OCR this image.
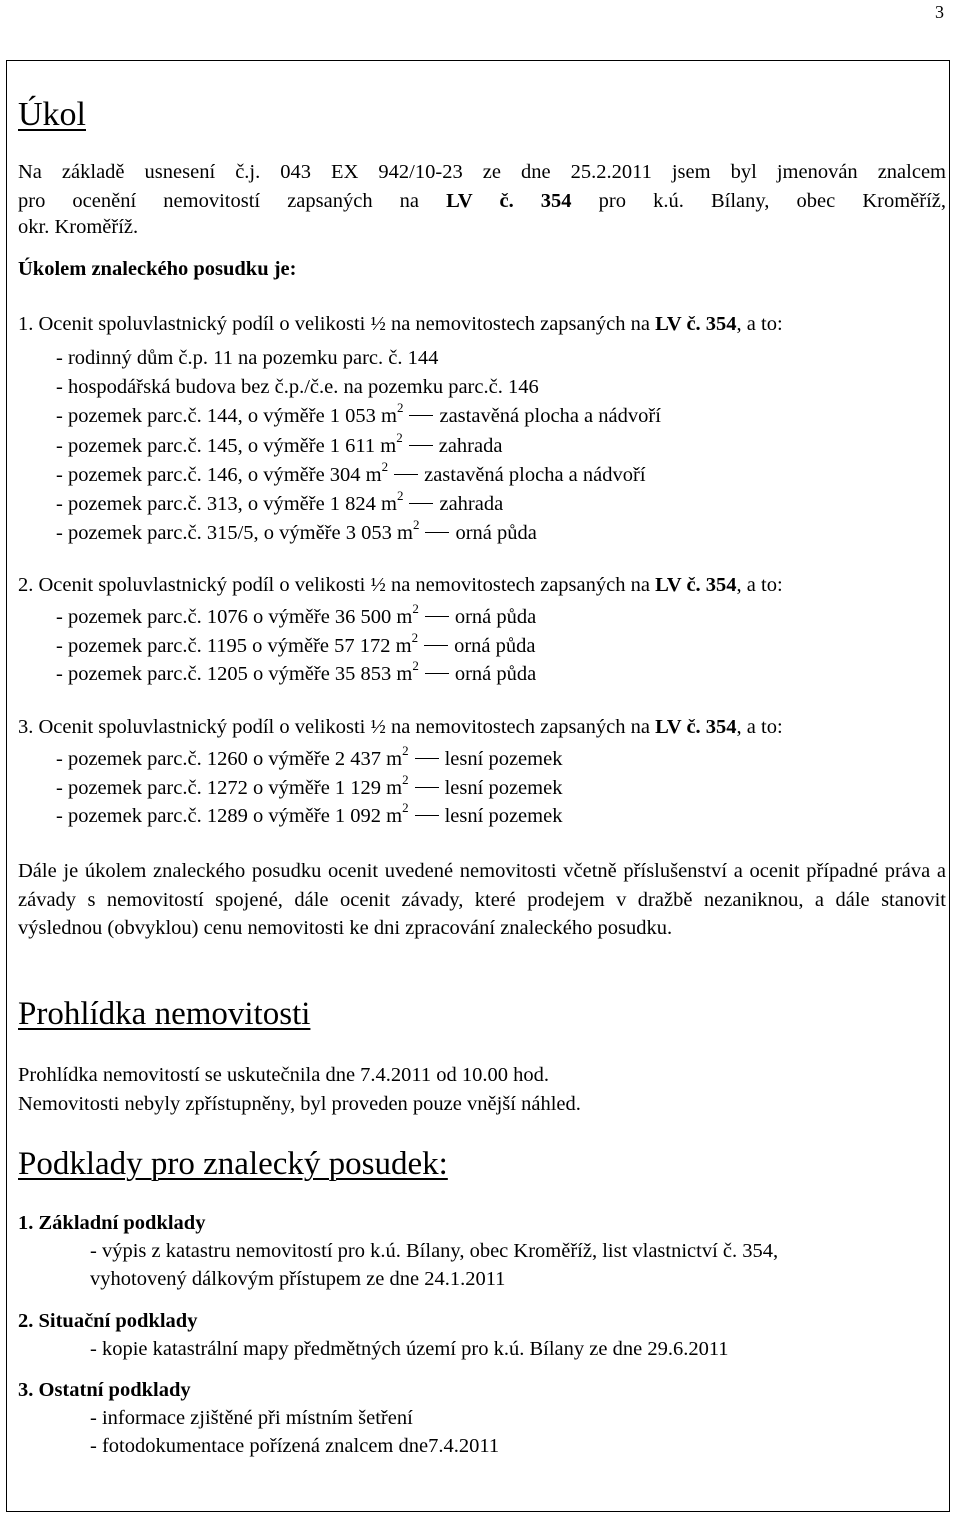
3
Úkol
Na základě usnesení č.j. 043 EX 942/10-23 ze dne 25.2.2011 jsem byl jmenován znalcem
pro ocenění nemovitostí zapsaných na LV č. 354 pro k.ú. Bílany, obec Kroměříž,
okr. Kroměříž.
Úkolem znaleckého posudku je:
1. Ocenit spoluvlastnický podíl o velikosti ½ na nemovitostech zapsaných na LV č. 354, a to:
- rodinný dům č.p. 11 na pozemku parc. č. 144
- hospodářská budova bez č.p./č.e. na pozemku parc.č. 146
- pozemek parc.č. 144, o výměře 1 053 $m^2$ zastavěná plocha a nádvoří
- pozemek parc.č. 145, o výměře 1 611 $m^2$ zahrada
- pozemek parc.č. 146, o výměře 304 $m^2$ zastavěná plocha a nádvoří
- pozemek parc.č. 313, o výměře 1 824 $m^2$ zahrada
- pozemek parc.č. 315/5, o výměře 3 053 $m^2$ orná půda
2. Ocenit spoluvlastnický podíl o velikosti ½ na nemovitostech zapsaných na LV č. 354, a to:
- pozemek parc.č. 1076 o výměře 36 500 $m^2$ orná půda
- pozemek parc.č. 1195 o výměře 57 172 $m^2$ orná půda
- pozemek parc.č. 1205 o výměře 35 853 $m^2$ orná půda
3. Ocenit spoluvlastnický podíl o velikosti ½ na nemovitostech zapsaných na LV č. 354, a to:
- pozemek parc.č. 1260 o výměře 2 437 $m^2$ lesní pozemek
- pozemek parc.č. 1272 o výměře 1 129 $m^2$ lesní pozemek
- pozemek parc.č. 1289 o výměře 1 092 $m^2$ lesní pozemek
Dále je úkolem znaleckého posudku ocenit uvedené nemovitosti včetně příslušenství a ocenit případné práva a závady s nemovitostí spojené, dále ocenit závady, které prodejem v dražbě nezaniknou, a dále stanovit výslednou (obvyklou) cenu nemovitosti ke dni zpracování znaleckého posudku.
Prohlídka nemovitosti
Prohlídka nemovitostí se uskutečnila dne 7.4.2011 od 10.00 hod.
Nemovitosti nebyly zpřístupněny, byl proveden pouze vnější náhled.
Podklady pro znalecký posudek:
1. Základní podklady
- výpis z katastru nemovitostí pro k.ú. Bílany, obec Kroměříž, list vlastnictví č. 354,
vyhotovený dálkovým přístupem ze dne 24.1.2011
2. Situační podklady
- kopie katastrální mapy předmětných území pro k.ú. Bílany ze dne 29.6.2011
3. Ostatní podklady
- informace zjištěné při místním šetření
- fotodokumentace pořízená znalcem dne7.4.2011
